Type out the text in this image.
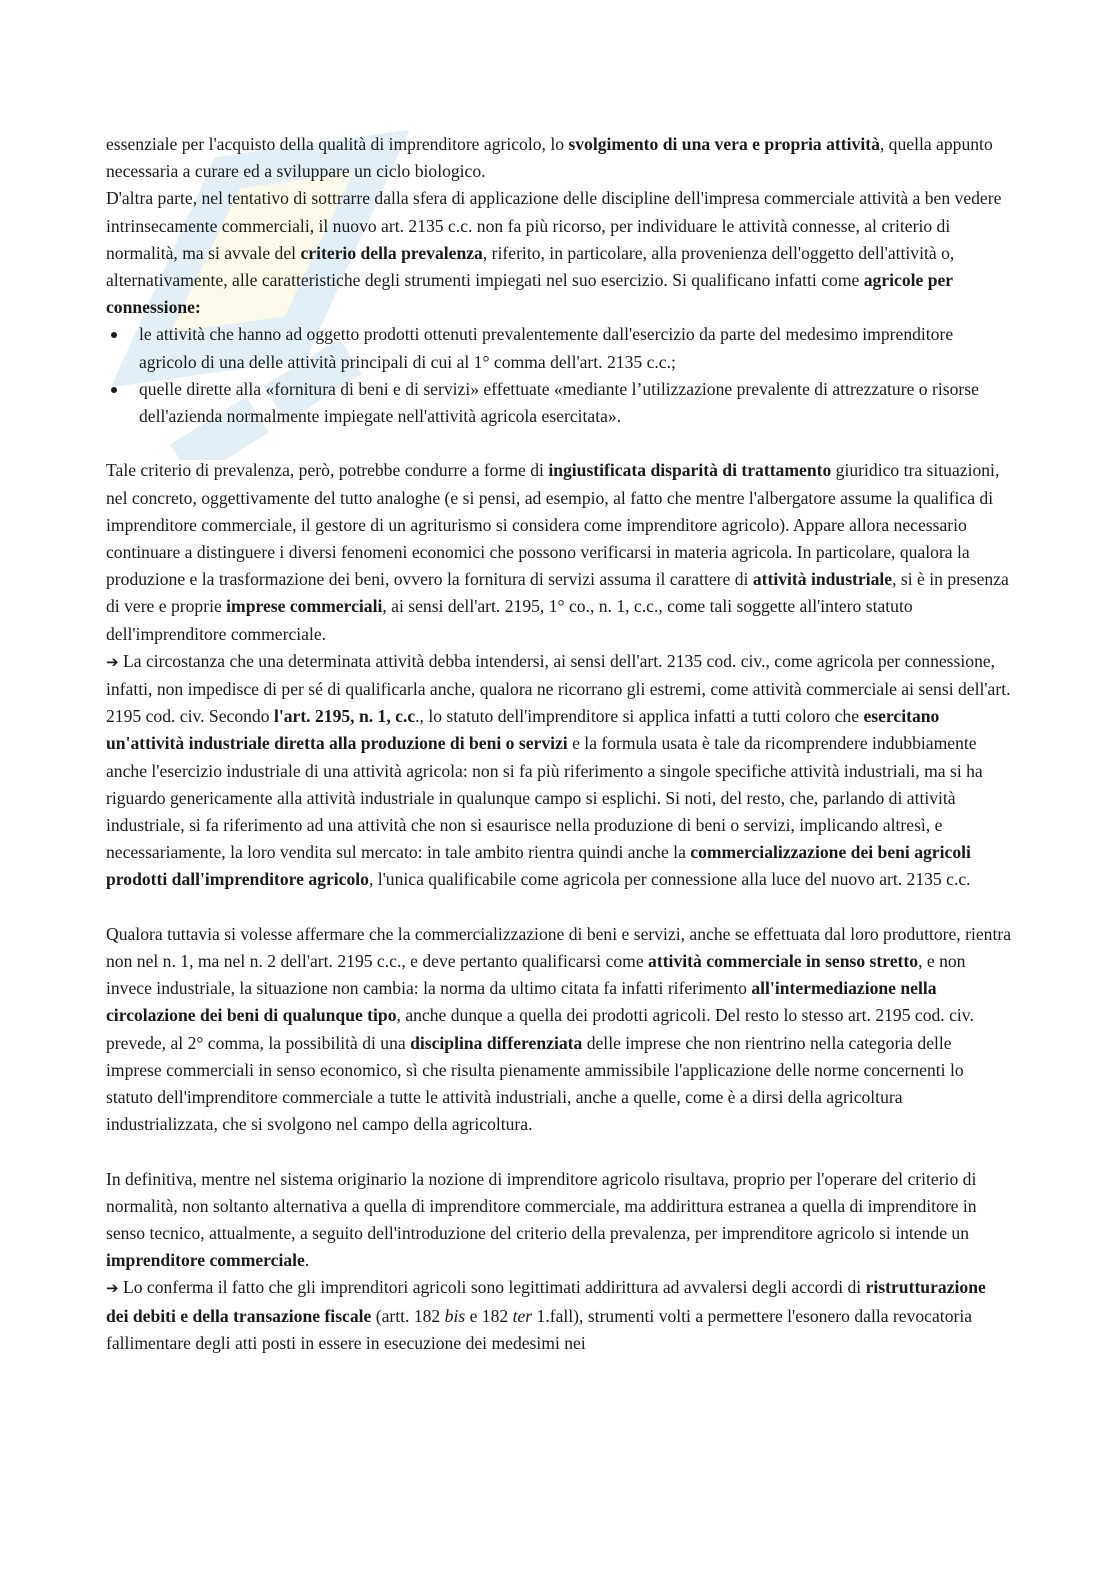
essenziale per l'acquisto della qualità di imprenditore agricolo, lo svolgimento di una vera e propria attività, quella appunto necessaria a curare ed a sviluppare un ciclo biologico.

D'altra parte, nel tentativo di sottrarre dalla sfera di applicazione delle discipline dell'impresa commerciale attività a ben vedere intrinsecamente commerciali, il nuovo art. 2135 c.c. non fa più ricorso, per individuare le attività connesse, al criterio di normalità, ma si avvale del criterio della prevalenza, riferito, in particolare, alla provenienza dell'oggetto dell'attività o, alternativamente, alle caratteristiche degli strumenti impiegati nel suo esercizio. Si qualificano infatti come agricole per connessione:

le attività che hanno ad oggetto prodotti ottenuti prevalentemente dall'esercizio da parte del medesimo imprenditore agricolo di una delle attività principali di cui al 1° comma dell'art. 2135 c.c.;
quelle dirette alla «fornitura di beni e di servizi» effettuate «mediante l’utilizzazione prevalente di attrezzature o risorse dell'azienda normalmente impiegate nell'attività agricola esercitata».

Tale criterio di prevalenza, però, potrebbe condurre a forme di ingiustificata disparità di trattamento giuridico tra situazioni, nel concreto, oggettivamente del tutto analoghe (e si pensi, ad esempio, al fatto che mentre l'albergatore assume la qualifica di imprenditore commerciale, il gestore di un agriturismo si considera come imprenditore agricolo). Appare allora necessario continuare a distinguere i diversi fenomeni economici che possono verificarsi in materia agricola. In particolare, qualora la produzione e la trasformazione dei beni, ovvero la fornitura di servizi assuma il carattere di attività industriale, si è in presenza di vere e proprie imprese commerciali, ai sensi dell'art. 2195, 1° co., n. 1, c.c., come tali soggette all'intero statuto dell'imprenditore commerciale.

➔ La circostanza che una determinata attività debba intendersi, ai sensi dell'art. 2135 cod. civ., come agricola per connessione, infatti, non impedisce di per sé di qualificarla anche, qualora ne ricorrano gli estremi, come attività commerciale ai sensi dell'art. 2195 cod. civ. Secondo l'art. 2195, n. 1, c.c., lo statuto dell'imprenditore si applica infatti a tutti coloro che esercitano un'attività industriale diretta alla produzione di beni o servizi e la formula usata è tale da ricomprendere indubbiamente anche l'esercizio industriale di una attività agricola: non si fa più riferimento a singole specifiche attività industriali, ma si ha riguardo genericamente alla attività industriale in qualunque campo si esplichi. Si noti, del resto, che, parlando di attività industriale, si fa riferimento ad una attività che non si esaurisce nella produzione di beni o servizi, implicando altresì, e necessariamente, la loro vendita sul mercato: in tale ambito rientra quindi anche la commercializzazione dei beni agricoli prodotti dall'imprenditore agricolo, l'unica qualificabile come agricola per connessione alla luce del nuovo art. 2135 c.c.

Qualora tuttavia si volesse affermare che la commercializzazione di beni e servizi, anche se effettuata dal loro produttore, rientra non nel n. 1, ma nel n. 2 dell'art. 2195 c.c., e deve pertanto qualificarsi come attività commerciale in senso stretto, e non invece industriale, la situazione non cambia: la norma da ultimo citata fa infatti riferimento all'intermediazione nella circolazione dei beni di qualunque tipo, anche dunque a quella dei prodotti agricoli. Del resto lo stesso art. 2195 cod. civ. prevede, al 2° comma, la possibilità di una disciplina differenziata delle imprese che non rientrino nella categoria delle imprese commerciali in senso economico, sì che risulta pienamente ammissibile l'applicazione delle norme concernenti lo statuto dell'imprenditore commerciale a tutte le attività industriali, anche a quelle, come è a dirsi della agricoltura industrializzata, che si svolgono nel campo della agricoltura.

In definitiva, mentre nel sistema originario la nozione di imprenditore agricolo risultava, proprio per l'operare del criterio di normalità, non soltanto alternativa a quella di imprenditore commerciale, ma addirittura estranea a quella di imprenditore in senso tecnico, attualmente, a seguito dell'introduzione del criterio della prevalenza, per imprenditore agricolo si intende un imprenditore commerciale.

➔ Lo conferma il fatto che gli imprenditori agricoli sono legittimati addirittura ad avvalersi degli accordi di ristrutturazione dei debiti e della transazione fiscale (artt. 182 bis e 182 ter 1.fall), strumenti volti a permettere l'esonero dalla revocatoria fallimentare degli atti posti in essere in esecuzione dei medesimi nei
